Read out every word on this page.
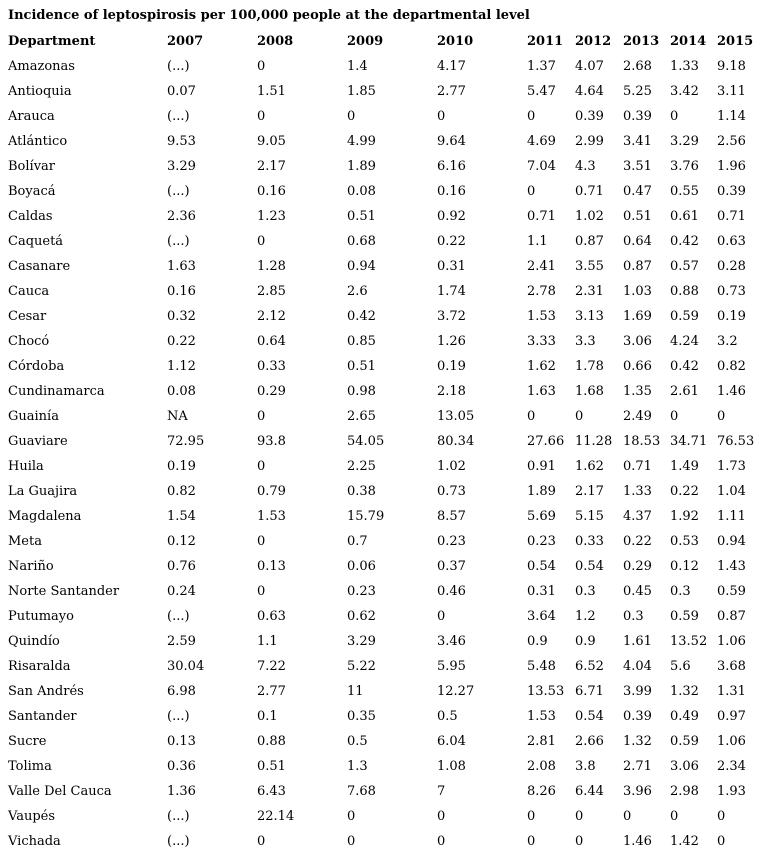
Incidence of leptospirosis per 100,000 people at the departmental level
Department	2007	2008	2009	2010	2011	2012	2013	2014	2015
Amazonas	(...)	0	1.4	4.17	1.37	4.07	2.68	1.33	9.18
Antioquia	0.07	1.51	1.85	2.77	5.47	4.64	5.25	3.42	3.11
Arauca	(...)	0	0	0	0	0.39	0.39	0	1.14
Atlántico	9.53	9.05	4.99	9.64	4.69	2.99	3.41	3.29	2.56
Bolívar	3.29	2.17	1.89	6.16	7.04	4.3	3.51	3.76	1.96
Boyacá	(...)	0.16	0.08	0.16	0	0.71	0.47	0.55	0.39
Caldas	2.36	1.23	0.51	0.92	0.71	1.02	0.51	0.61	0.71
Caquetá	(...)	0	0.68	0.22	1.1	0.87	0.64	0.42	0.63
Casanare	1.63	1.28	0.94	0.31	2.41	3.55	0.87	0.57	0.28
Cauca	0.16	2.85	2.6	1.74	2.78	2.31	1.03	0.88	0.73
Cesar	0.32	2.12	0.42	3.72	1.53	3.13	1.69	0.59	0.19
Chocó	0.22	0.64	0.85	1.26	3.33	3.3	3.06	4.24	3.2
Córdoba	1.12	0.33	0.51	0.19	1.62	1.78	0.66	0.42	0.82
Cundinamarca	0.08	0.29	0.98	2.18	1.63	1.68	1.35	2.61	1.46
Guainía	NA	0	2.65	13.05	0	0	2.49	0	0
Guaviare	72.95	93.8	54.05	80.34	27.66	11.28	18.53	34.71	76.53
Huila	0.19	0	2.25	1.02	0.91	1.62	0.71	1.49	1.73
La Guajira	0.82	0.79	0.38	0.73	1.89	2.17	1.33	0.22	1.04
Magdalena	1.54	1.53	15.79	8.57	5.69	5.15	4.37	1.92	1.11
Meta	0.12	0	0.7	0.23	0.23	0.33	0.22	0.53	0.94
Nariño	0.76	0.13	0.06	0.37	0.54	0.54	0.29	0.12	1.43
Norte Santander	0.24	0	0.23	0.46	0.31	0.3	0.45	0.3	0.59
Putumayo	(...)	0.63	0.62	0	3.64	1.2	0.3	0.59	0.87
Quindío	2.59	1.1	3.29	3.46	0.9	0.9	1.61	13.52	1.06
Risaralda	30.04	7.22	5.22	5.95	5.48	6.52	4.04	5.6	3.68
San Andrés	6.98	2.77	11	12.27	13.53	6.71	3.99	1.32	1.31
Santander	(...)	0.1	0.35	0.5	1.53	0.54	0.39	0.49	0.97
Sucre	0.13	0.88	0.5	6.04	2.81	2.66	1.32	0.59	1.06
Tolima	0.36	0.51	1.3	1.08	2.08	3.8	2.71	3.06	2.34
Valle Del Cauca	1.36	6.43	7.68	7	8.26	6.44	3.96	2.98	1.93
Vaupés	(...)	22.14	0	0	0	0	0	0	0
Vichada	(...)	0	0	0	0	0	1.46	1.42	0
